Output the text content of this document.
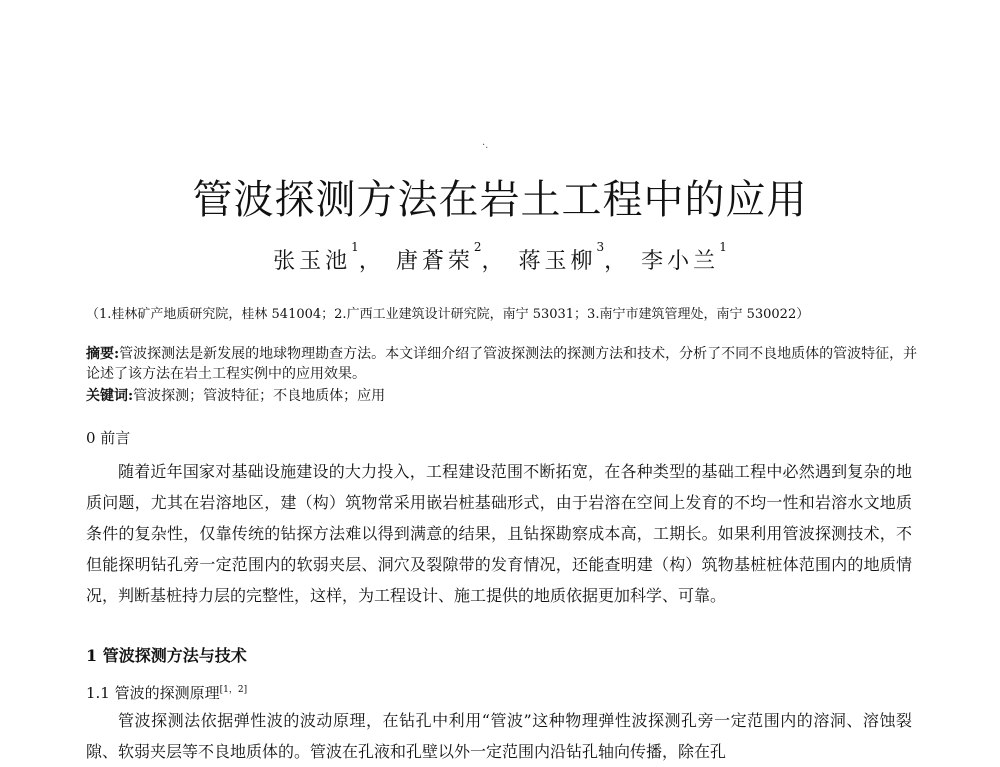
·.
管波探测方法在岩土工程中的应用
张玉池$^1$， 唐蒼荣$^2$， 蒋玉柳$^3$， 李小兰$^1$
（1.桂林矿产地质研究院，桂林 541004；2.广西工业建筑设计研究院，南宁 53031；3.南宁市建筑管理处，南宁 530022）
摘要:管波探测法是新发展的地球物理勘查方法。本文详细介绍了管波探测法的探测方法和技术，分析了不同不良地质体的管波特征，并论述了该方法在岩土工程实例中的应用效果。
关键词:管波探测；管波特征；不良地质体；应用
0 前言
随着近年国家对基础设施建设的大力投入，工程建设范围不断拓宽，在各种类型的基础工程中必然遇到复杂的地质问题，尤其在岩溶地区，建（构）筑物常采用嵌岩桩基础形式，由于岩溶在空间上发育的不均一性和岩溶水文地质条件的复杂性，仅靠传统的钻探方法难以得到满意的结果，且钻探勘察成本高，工期长。如果利用管波探测技术，不但能探明钻孔旁一定范围内的软弱夹层、洞穴及裂隙带的发育情况，还能查明建（构）筑物基桩桩体范围内的地质情况，判断基桩持力层的完整性，这样，为工程设计、施工提供的地质依据更加科学、可靠。
1 管波探测方法与技术
1.1 管波的探测原理[1，2]
管波探测法依据弹性波的波动原理，在钻孔中利用“管波”这种物理弹性波探测孔旁一定范围内的溶洞、溶蚀裂隙、软弱夹层等不良地质体的。管波在孔液和孔壁以外一定范围内沿钻孔轴向传播，除在孔
